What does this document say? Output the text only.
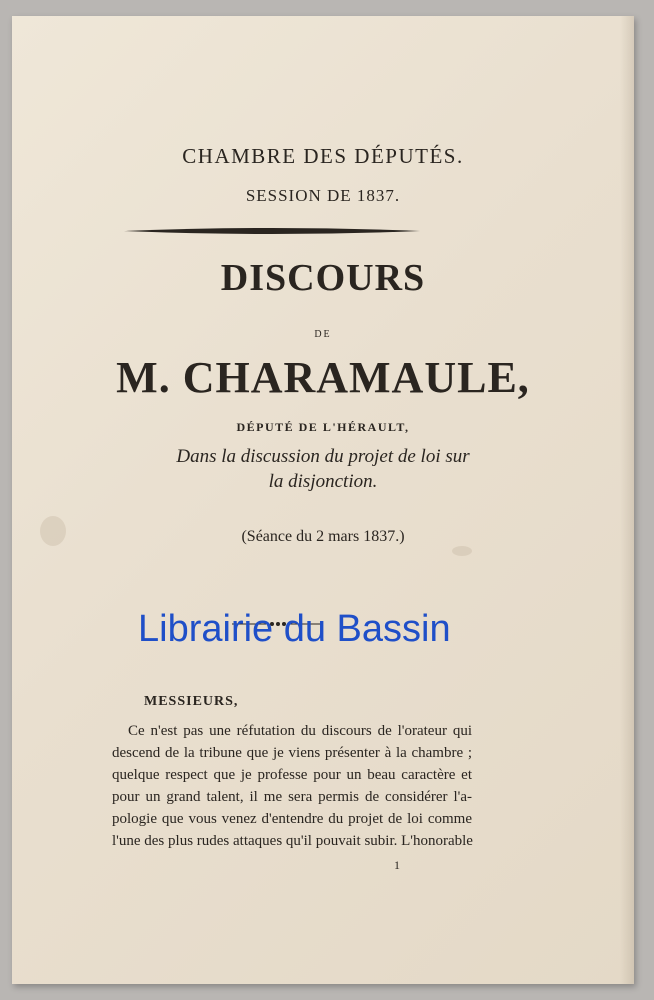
CHAMBRE DES DÉPUTÉS.
SESSION DE 1837.
DISCOURS
DE
M. CHARAMAULE,
DÉPUTÉ DE L'HÉRAULT,
Dans la discussion du projet de loi sur
la disjonction.
(Séance du 2 mars 1837.)
MESSIEURS,
Ce n'est pas une réfutation du discours de l'orateur qui
descend de la tribune que je viens présenter à la chambre ;
quelque respect que je professe pour un beau caractère et
pour un grand talent, il me sera permis de considérer l'a-
pologie que vous venez d'entendre du projet de loi comme
l'une des plus rudes attaques qu'il pouvait subir. L'honorable
1
Librairie du Bassin
